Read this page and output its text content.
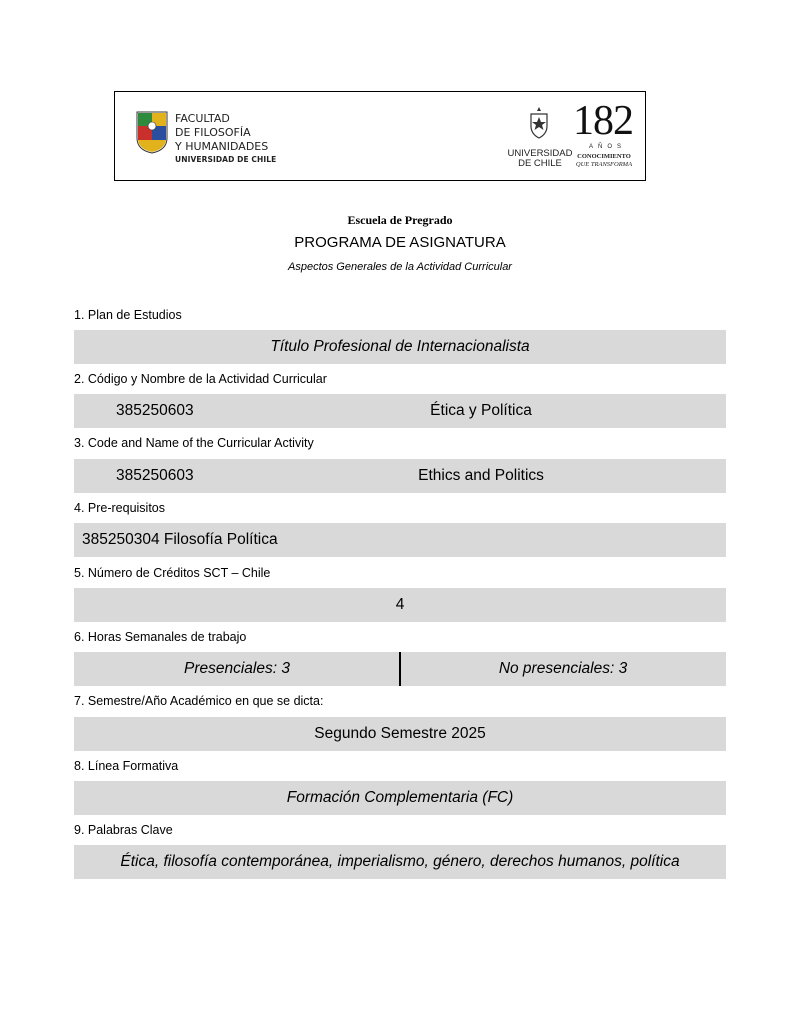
FACULTAD
DE FILOSOFÍA
Y HUMANIDADES
UNIVERSIDAD DE CHILE
UNIVERSIDAD
DE CHILE
182
AÑOS
CONOCIMIENTO
QUE TRANSFORMA
Escuela de Pregrado
PROGRAMA DE ASIGNATURA
Aspectos Generales de la Actividad Curricular
1. Plan de Estudios
Título Profesional de Internacionalista
2. Código y Nombre de la Actividad Curricular
385250603	Ética y Política
3. Code and Name of the Curricular Activity
385250603	Ethics and Politics
4. Pre-requisitos
385250304 Filosofía Política
5. Número de Créditos SCT – Chile
4
6. Horas Semanales de trabajo
Presenciales: 3	No presenciales: 3
7. Semestre/Año Académico en que se dicta:
Segundo Semestre 2025
8. Línea Formativa
Formación Complementaria (FC)
9. Palabras Clave
Ética, filosofía contemporánea, imperialismo, género, derechos humanos, política
